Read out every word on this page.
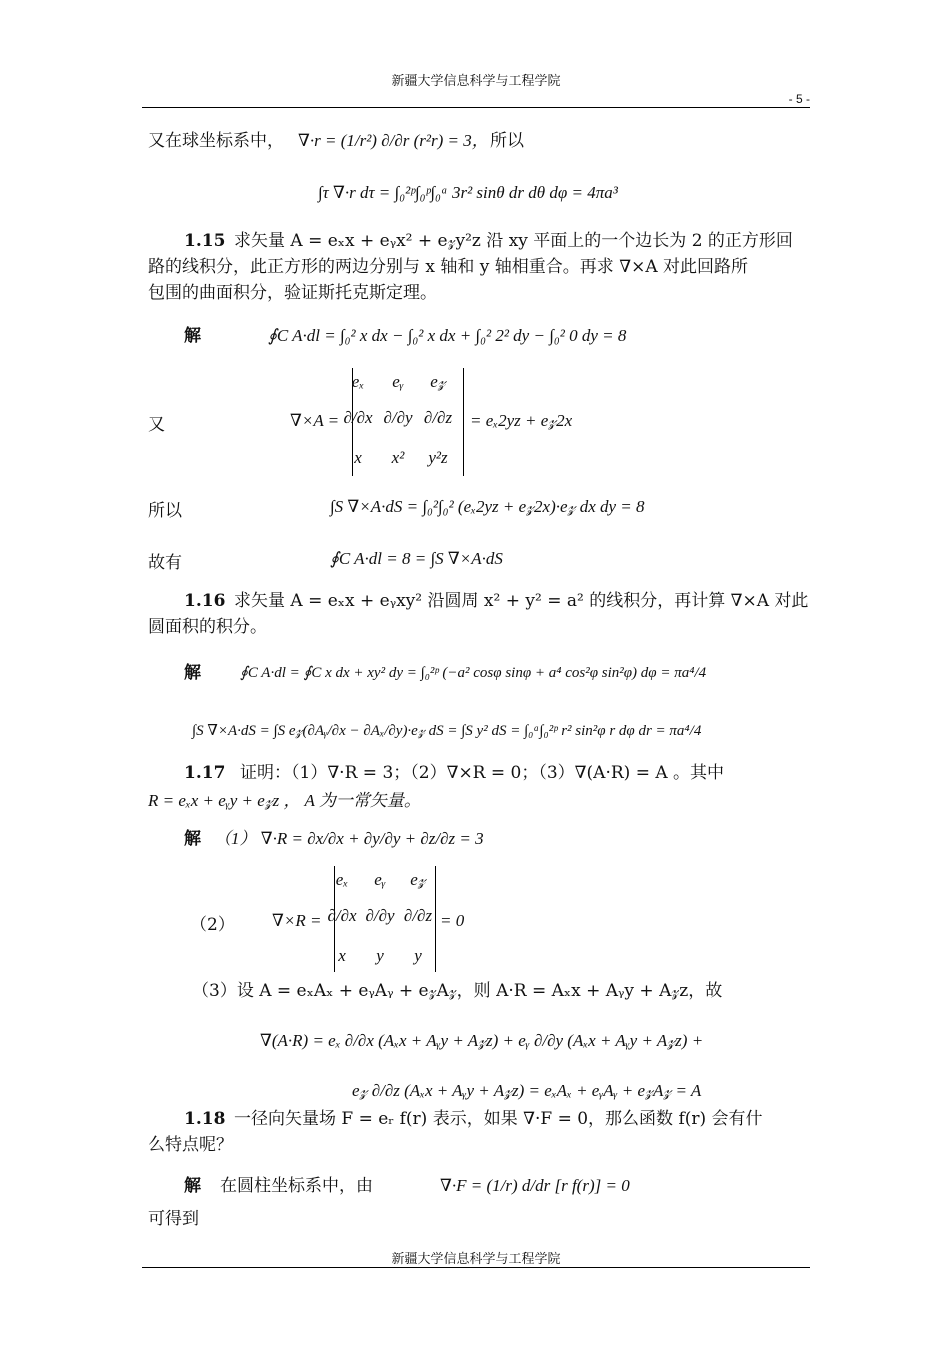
新疆大学信息科学与工程学院
- 5 -
又在球坐标系中， ∇·r = (1/r²) ∂/∂r (r²r) = 3， 所以
∫τ ∇·r dτ = ∫₀²ᵖ∫₀ᵖ∫₀ᵃ 3r² sinθ dr dθ dφ = 4πa³
1.15 求矢量 A = eₓx + eᵧx² + e𝓏y²z 沿 xy 平面上的一个边长为 2 的正方形回
路的线积分，此正方形的两边分别与 x 轴和 y 轴相重合。再求 ∇×A 对此回路所
包围的曲面积分，验证斯托克斯定理。
解	∮C A·dl = ∫₀² x dx − ∫₀² x dx + ∫₀² 2² dy − ∫₀² 0 dy = 8
又	∇×A =
eₓ	eᵧ	e𝓏
∂/∂x ∂/∂y ∂/∂z
x	x²	y²z
= eₓ2yz + e𝓏2x
所以	∫S ∇×A·dS = ∫₀²∫₀² (eₓ2yz + e𝓏2x)·e𝓏 dx dy = 8
故有	∮C A·dl = 8 = ∫S ∇×A·dS
1.16 求矢量 A = eₓx + eᵧxy² 沿圆周 x² + y² = a² 的线积分，再计算 ∇×A 对此
圆面积的积分。
解	∮C A·dl = ∮C x dx + xy² dy = ∫₀²ᵖ (−a² cosφ sinφ + a⁴ cos²φ sin²φ) dφ = πa⁴/4
∫S ∇×A·dS = ∫S e𝓏(∂Aᵧ/∂x − ∂Aₓ/∂y)·e𝓏 dS = ∫S y² dS = ∫₀ᵃ∫₀²ᵖ r² sin²φ r dφ dr = πa⁴/4
1.17 证明：（1）∇·R = 3；（2）∇×R = 0；（3）∇(A·R) = A 。其中
R = eₓx + eᵧy + e𝓏z ， A 为一常矢量。
解 （1） ∇·R = ∂x/∂x + ∂y/∂y + ∂z/∂z = 3
（2） ∇×R =
eₓ	eᵧ	e𝓏
∂/∂x ∂/∂y ∂/∂z
x	y	y
= 0
（3）设 A = eₓAₓ + eᵧAᵧ + e𝓏A𝓏，则 A·R = Aₓx + Aᵧy + A𝓏z，故
∇(A·R) = eₓ ∂/∂x (Aₓx + Aᵧy + A𝓏z) + eᵧ ∂/∂y (Aₓx + Aᵧy + A𝓏z) +
e𝓏 ∂/∂z (Aₓx + Aᵧy + A𝓏z) = eₓAₓ + eᵧAᵧ + e𝓏A𝓏 = A
1.18 一径向矢量场 F = eᵣ f(r) 表示，如果 ∇·F = 0，那么函数 f(r) 会有什
么特点呢？
解 在圆柱坐标系中，由	∇·F = (1/r) d/dr [r f(r)] = 0
可得到
新疆大学信息科学与工程学院
